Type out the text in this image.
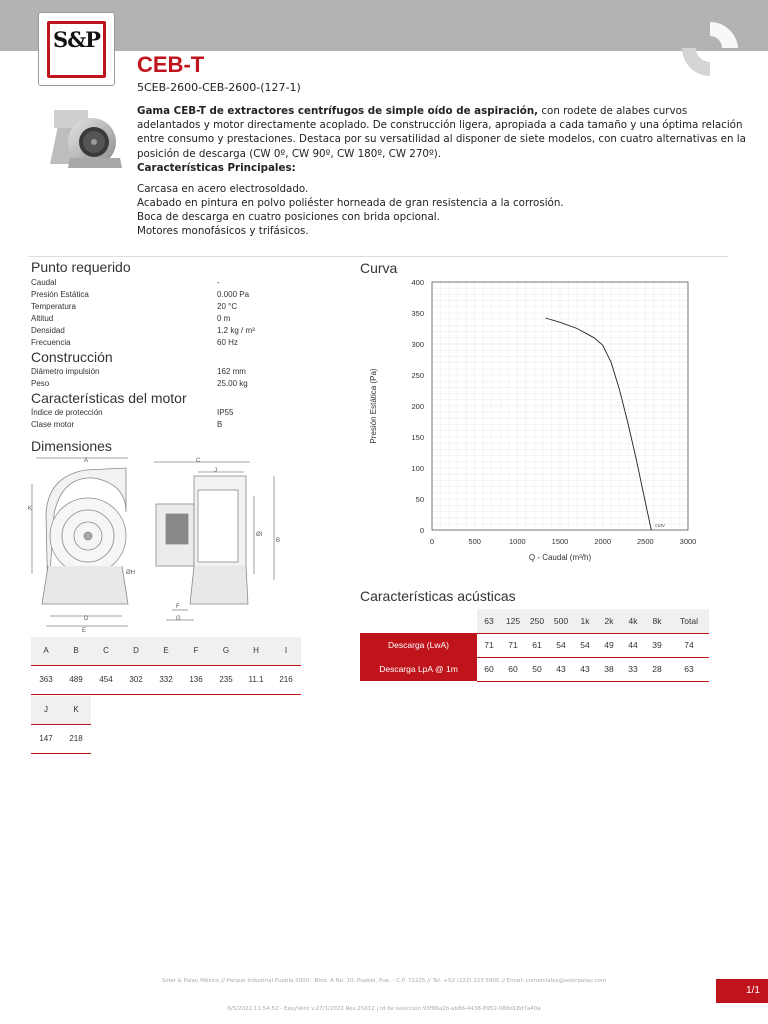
S&P
CEB-T
5CEB-2600-CEB-2600-(127-1)
Gama CEB-T de extractores centrífugos de simple oído de aspiración, con rodete de alabes curvos adelantados y motor directamente acoplado. De construcción ligera, apropiada a cada tamaño y una óptima relación entre consumo y prestaciones. Destaca por su versatilidad al disponer de siete modelos, con cuatro alternativas en la posición de descarga (CW 0º, CW 90º, CW 180º, CW 270º).
Características Principales:
Carcasa en acero electrosoldado.
Acabado en pintura en polvo poliéster horneada de gran resistencia a la corrosión.
Boca de descarga en cuatro posiciones con brida opcional.
Motores monofásicos y trifásicos.
Punto requerido
Caudal	-
Presión Estática	0.000 Pa
Temperatura	20 °C
Altitud	0 m
Densidad	1.2 kg / m³
Frecuencia	60 Hz
Construcción
Diámetro impulsión	162 mm
Peso	25.00 kg
Características del motor
Índice de protección	IP55
Clase motor	B
Dimensiones
A
K
ØH
D
E
C
J
ØI
B
F
G
A	B	C	D	E	F	G	H	I
363	489	454	302	332	136	235	11.1	216
J	K
147	218
Curva
0	500	1000	1500	2000	2500	3000
0
50
100
150
200
250
300
350
400
curv
Q - Caudal (m³/h)
Presión Estática (Pa)
Características acústicas
	63	125	250	500	1k	2k	4k	8k	Total
Descarga (LwA)	71	71	61	54	54	49	44	39	74
Descarga LpA @ 1m	60	60	50	43	43	38	33	28	63
Soler & Palau México // Parque Industrial Puebla 2000 - Blvd. A No. 10, Puebla, Pue. - C.P. 72225 // Tel. +52 (222) 223 5900 // Email: comerciales@solerpalau.com
6/5/2022 11:54:52 - EasyVent v.27/1/2022 Rev.25012 | Id de selección 93f86a2b-ab86-4438-8952-088d18d7a40a
1/1
